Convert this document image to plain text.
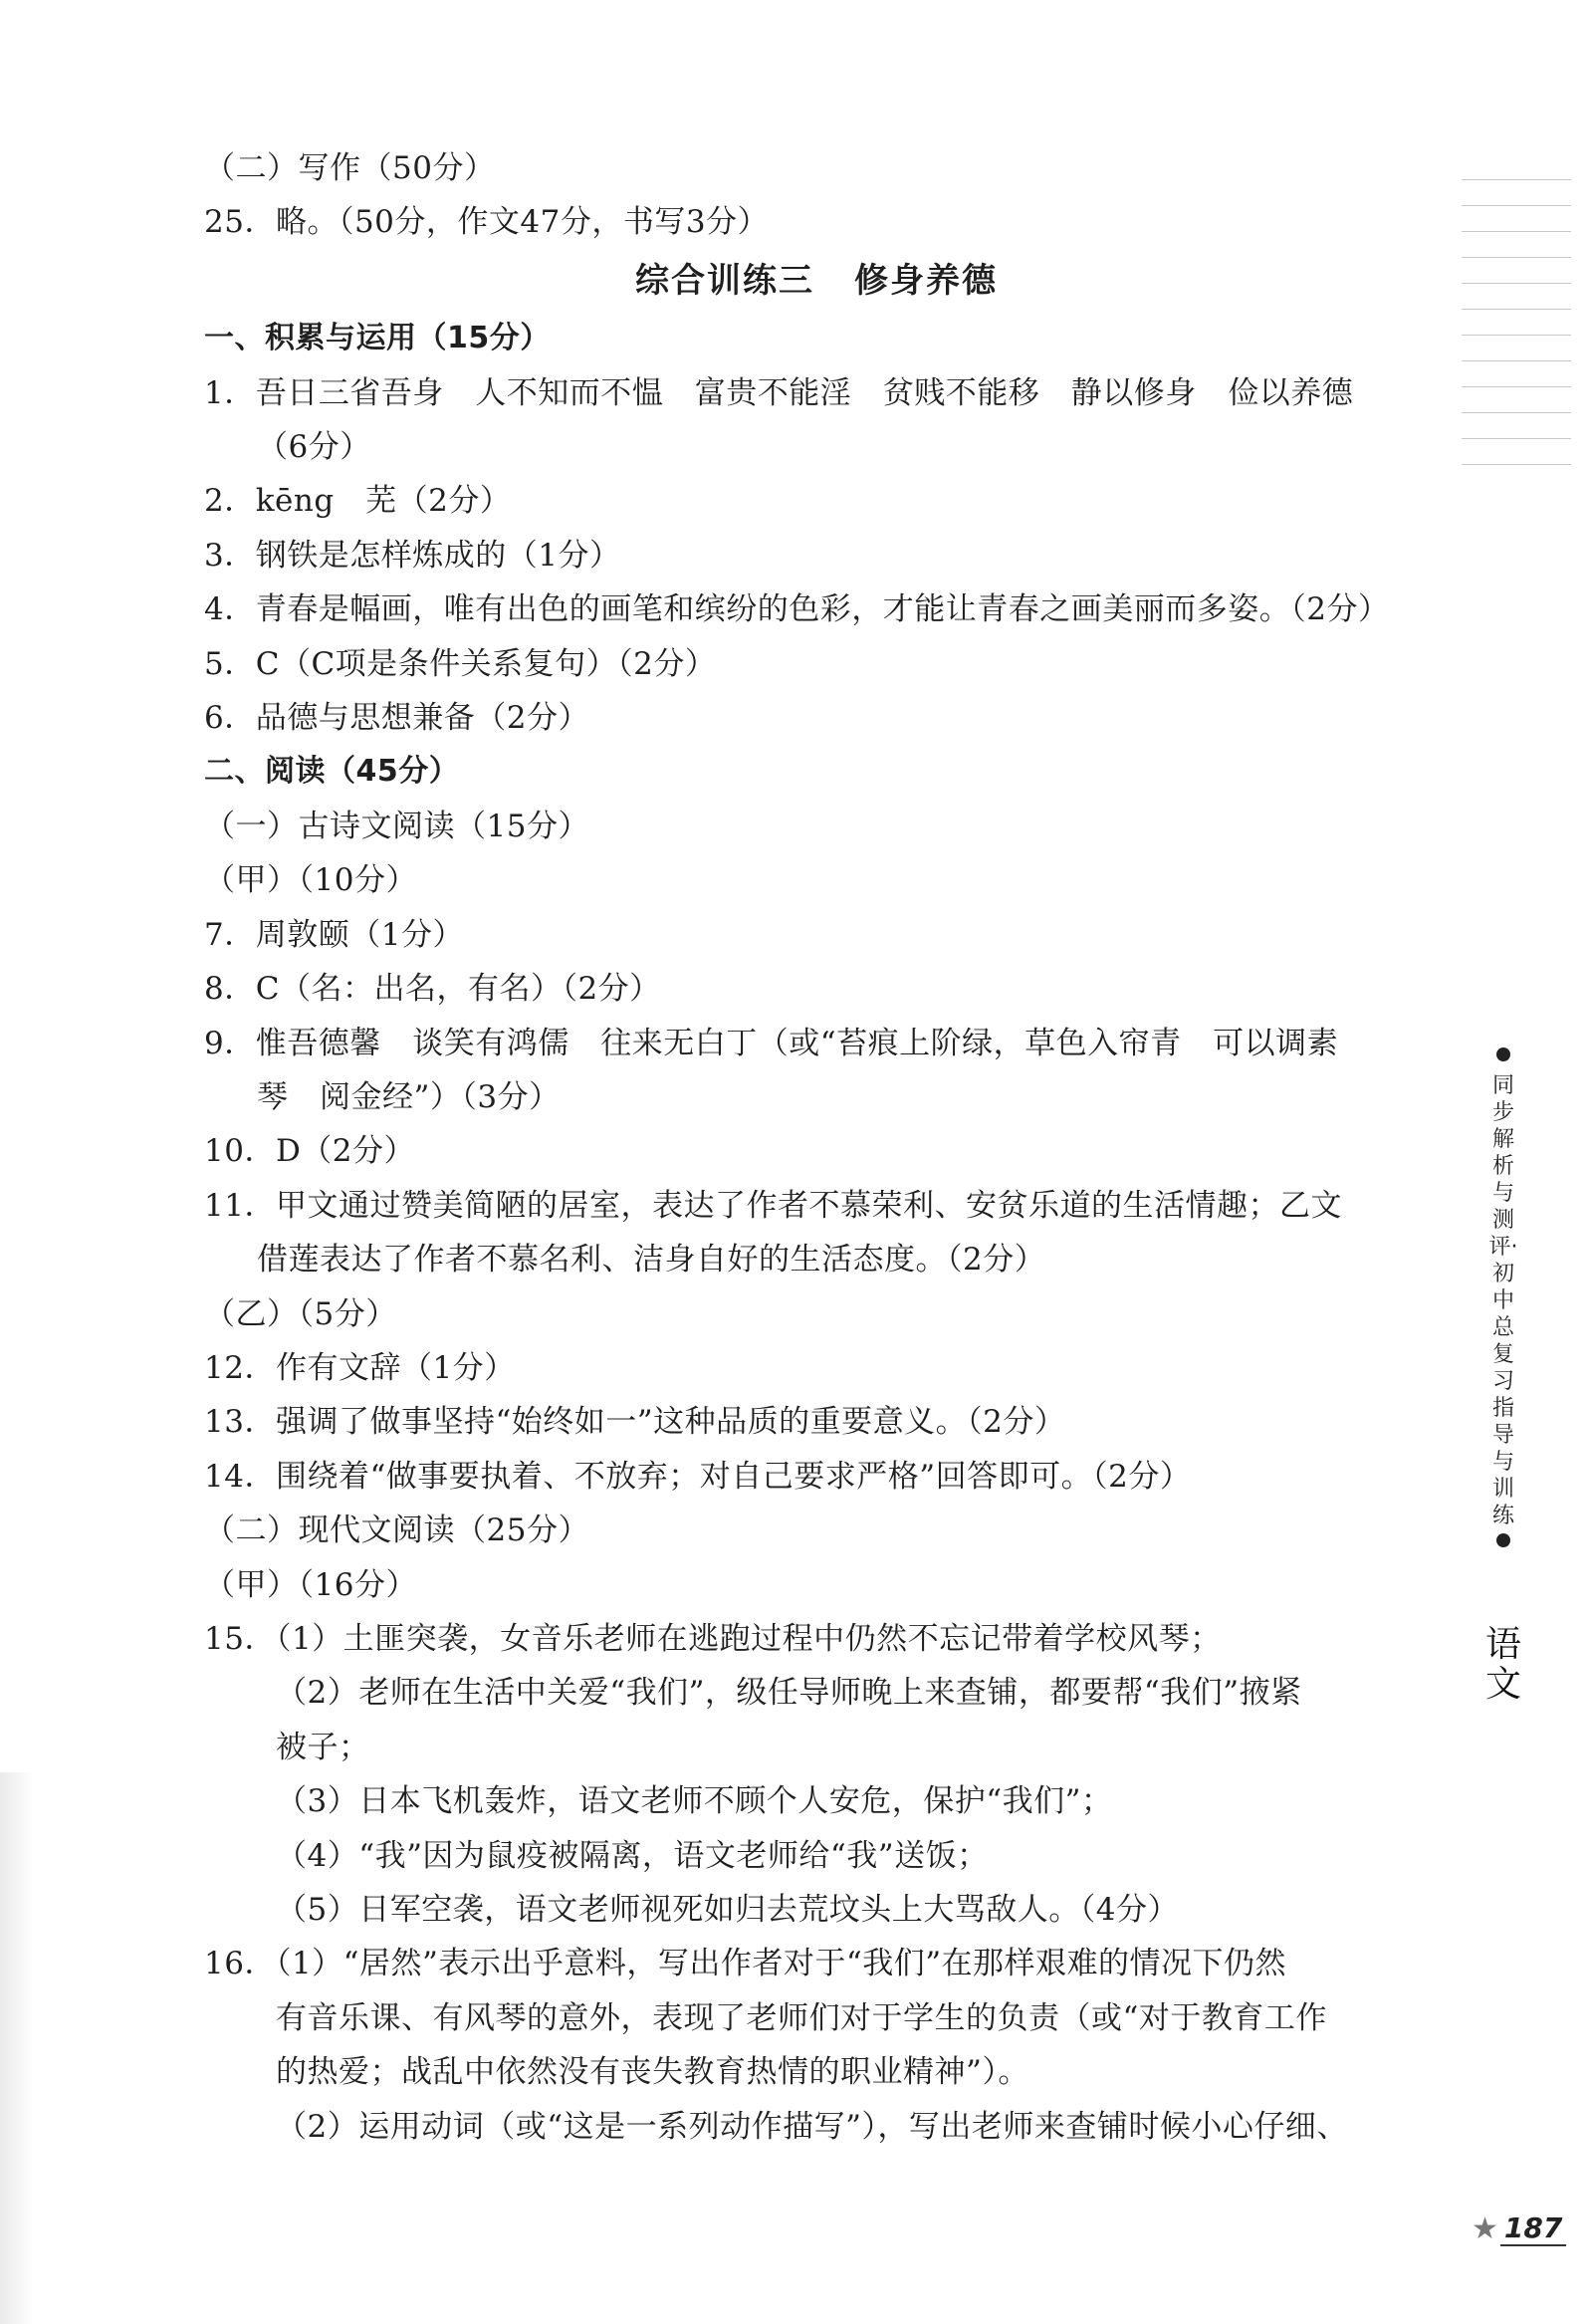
（二）写作（50分）
25．略。（50分，作文47分，书写3分）
综合训练三 修身养德
一、积累与运用（15分）
1．吾日三省吾身　人不知而不愠　富贵不能淫　贫贱不能移　静以修身　俭以养德
（6分）
2．kēng　芜（2分）
3．钢铁是怎样炼成的（1分）
4．青春是幅画，唯有出色的画笔和缤纷的色彩，才能让青春之画美丽而多姿。（2分）
5．C（C项是条件关系复句）（2分）
6．品德与思想兼备（2分）
二、阅读（45分）
（一）古诗文阅读（15分）
（甲）（10分）
7．周敦颐（1分）
8．C（名：出名，有名）（2分）
9．惟吾德馨　谈笑有鸿儒　往来无白丁（或“苔痕上阶绿，草色入帘青　可以调素
琴　阅金经”）（3分）
10．D（2分）
11．甲文通过赞美简陋的居室，表达了作者不慕荣利、安贫乐道的生活情趣；乙文
借莲表达了作者不慕名利、洁身自好的生活态度。（2分）
（乙）（5分）
12．作有文辞（1分）
13．强调了做事坚持“始终如一”这种品质的重要意义。（2分）
14．围绕着“做事要执着、不放弃；对自己要求严格”回答即可。（2分）
（二）现代文阅读（25分）
（甲）（16分）
15．（1）土匪突袭，女音乐老师在逃跑过程中仍然不忘记带着学校风琴；
（2）老师在生活中关爱“我们”，级任导师晚上来查铺，都要帮“我们”掖紧
被子；
（3）日本飞机轰炸，语文老师不顾个人安危，保护“我们”；
（4）“我”因为鼠疫被隔离，语文老师给“我”送饭；
（5）日军空袭，语文老师视死如归去荒坟头上大骂敌人。（4分）
16．（1）“居然”表示出乎意料，写出作者对于“我们”在那样艰难的情况下仍然
有音乐课、有风琴的意外，表现了老师们对于学生的负责（或“对于教育工作
的热爱；战乱中依然没有丧失教育热情的职业精神”）。
（2）运用动词（或“这是一系列动作描写”），写出老师来查铺时候小心仔细、
同步解析与测评·初中总复习指导与训练
语文
★ 187
